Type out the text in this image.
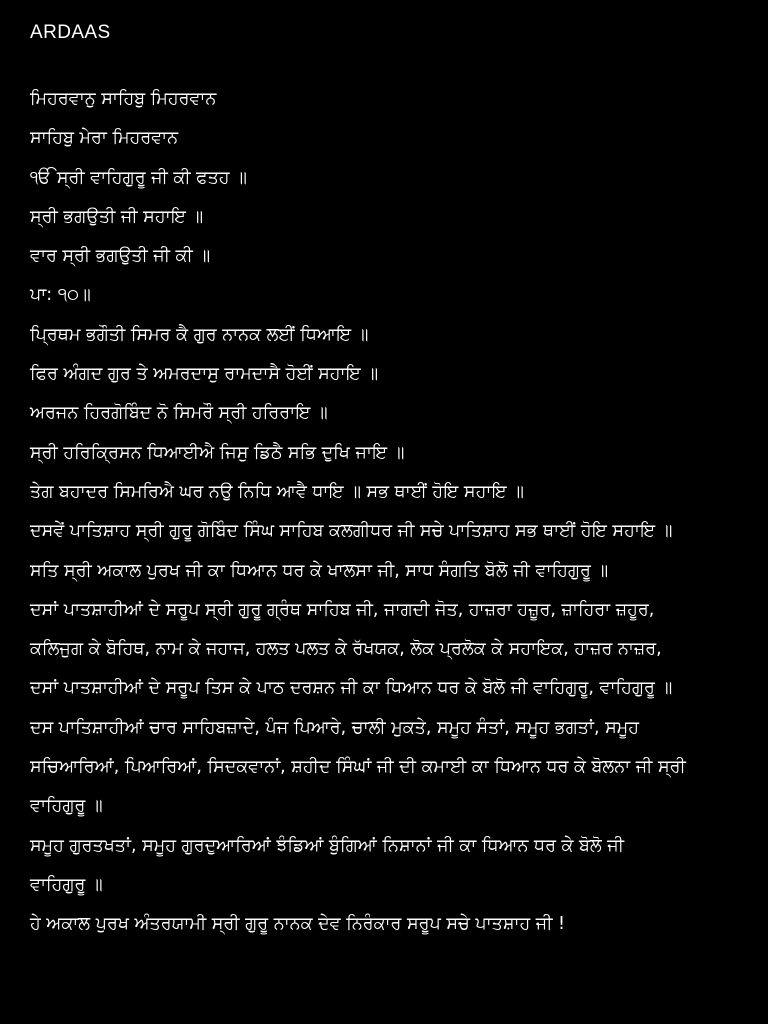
ARDAAS
ਮਿਹਰਵਾਨੁ ਸਾਹਿਬੁ ਮਿਹਰਵਾਨ
ਸਾਹਿਬੁ ਮੇਰਾ ਮਿਹਰਵਾਨ
ੴ ਸ੍ਰੀ ਵਾਹਿਗੁਰੂ ਜੀ ਕੀ ਫਤਹ ॥
ਸ੍ਰੀ ਭਗਉਤੀ ਜੀ ਸਹਾਇ ॥
ਵਾਰ ਸ੍ਰੀ ਭਗਉਤੀ ਜੀ ਕੀ ॥
ਪਾ: ੧੦॥
ਪ੍ਰਿਥਮ ਭਗੌਤੀ ਸਿਮਰ ਕੈ ਗੁਰ ਨਾਨਕ ਲਈਂ ਧਿਆਇ ॥
ਫਿਰ ਅੰਗਦ ਗੁਰ ਤੇ ਅਮਰਦਾਸੁ ਰਾਮਦਾਸੈ ਹੋਈਂ ਸਹਾਇ ॥
ਅਰਜਨ ਹਿਰਗੋਬਿੰਦ ਨੋ ਸਿਮਰੌ ਸ੍ਰੀ ਹਰਿਰਾਇ ॥
ਸ੍ਰੀ ਹਰਿਕ੍ਰਿਸਨ ਧਿਆਈਐ ਜਿਸੁ ਡਿਠੈ ਸਭਿ ਦੁਖਿ ਜਾਇ ॥
ਤੇਗ ਬਹਾਦਰ ਸਿਮਰਿਐ ਘਰ ਨਉ ਨਿਧਿ ਆਵੈ ਧਾਇ ॥ ਸਭ ਥਾਈਂ ਹੋਇ ਸਹਾਇ ॥
ਦਸਵੇਂ ਪਾਤਿਸ਼ਾਹ ਸ੍ਰੀ ਗੁਰੂ ਗੋਬਿੰਦ ਸਿੰਘ ਸਾਹਿਬ ਕਲਗੀਧਰ ਜੀ ਸਚੇ ਪਾਤਿਸ਼ਾਹ ਸਭ ਥਾਈਂ ਹੋਇ ਸਹਾਇ ॥
ਸਤਿ ਸ੍ਰੀ ਅਕਾਲ ਪੁਰਖ ਜੀ ਕਾ ਧਿਆਨ ਧਰ ਕੇ ਖਾਲਸਾ ਜੀ, ਸਾਧ ਸੰਗਤਿ ਬੋਲੋ ਜੀ ਵਾਹਿਗੁਰੂ ॥
ਦਸਾਂ ਪਾਤਸ਼ਾਹੀਆਂ ਦੇ ਸਰੂਪ ਸ੍ਰੀ ਗੁਰੂ ਗ੍ਰੰਥ ਸਾਹਿਬ ਜੀ, ਜਾਗਦੀ ਜੋਤ, ਹਾਜ਼ਰਾ ਹਜ਼ੂਰ, ਜ਼ਾਹਿਰਾ ਜ਼ਹੂਰ,
ਕਲਿਜੁਗ ਕੇ ਬੋਹਿਥ, ਨਾਮ ਕੇ ਜਹਾਜ, ਹਲਤ ਪਲਤ ਕੇ ਰੱਖਯਕ, ਲੋਕ ਪ੍ਰਲੋਕ ਕੇ ਸਹਾਇਕ, ਹਾਜ਼ਰ ਨਾਜ਼ਰ,
ਦਸਾਂ ਪਾਤਸ਼ਾਹੀਆਂ ਦੇ ਸਰੂਪ ਤਿਸ ਕੇ ਪਾਠ ਦਰਸ਼ਨ ਜੀ ਕਾ ਧਿਆਨ ਧਰ ਕੇ ਬੋਲੋ ਜੀ ਵਾਹਿਗੁਰੂ, ਵਾਹਿਗੁਰੂ ॥
ਦਸ ਪਾਤਿਸ਼ਾਹੀਆਂ ਚਾਰ ਸਾਹਿਬਜ਼ਾਦੇ, ਪੰਜ ਪਿਆਰੇ, ਚਾਲੀ ਮੁਕਤੇ, ਸਮੂਹ ਸੰਤਾਂ, ਸਮੂਹ ਭਗਤਾਂ, ਸਮੂਹ
ਸਚਿਆਰਿਆਂ, ਪਿਆਰਿਆਂ, ਸਿਦਕਵਾਨਾਂ, ਸ਼ਹੀਦ ਸਿੰਘਾਂ ਜੀ ਦੀ ਕਮਾਈ ਕਾ ਧਿਆਨ ਧਰ ਕੇ ਬੋਲਨਾ ਜੀ ਸ੍ਰੀ
ਵਾਹਿਗੁਰੂ ॥
ਸਮੂਹ ਗੁਰਤਖਤਾਂ, ਸਮੂਹ ਗੁਰਦੁਆਰਿਆਂ ਝੰਡਿਆਂ ਬੁੰਗਿਆਂ ਨਿਸ਼ਾਨਾਂ ਜੀ ਕਾ ਧਿਆਨ ਧਰ ਕੇ ਬੋਲੋ ਜੀ
ਵਾਹਿਗੁਰੂ ॥
ਹੇ ਅਕਾਲ ਪੁਰਖ ਅੰਤਰਯਾਮੀ ਸ੍ਰੀ ਗੁਰੂ ਨਾਨਕ ਦੇਵ ਨਿਰੰਕਾਰ ਸਰੂਪ ਸਚੇ ਪਾਤਸ਼ਾਹ ਜੀ !
